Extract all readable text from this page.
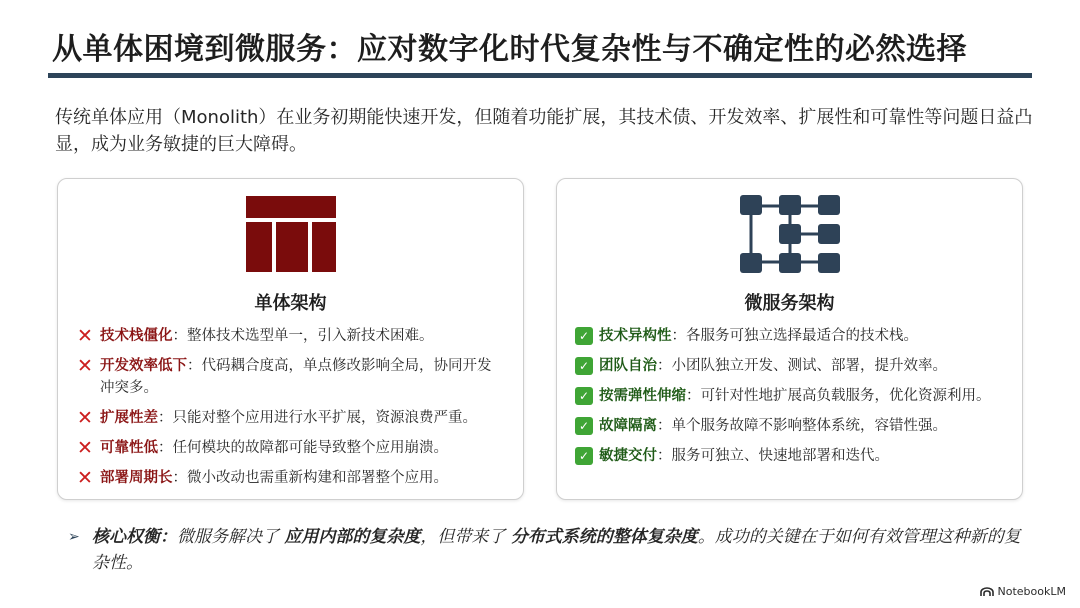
从单体困境到微服务：应对数字化时代复杂性与不确定性的必然选择

传统单体应用（Monolith）在业务初期能快速开发，但随着功能扩展，其技术债、开发效率、扩展性和可靠性等问题日益凸显，成为业务敏捷的巨大障碍。

单体架构
✕ 技术栈僵化：整体技术选型单一，引入新技术困难。
✕ 开发效率低下：代码耦合度高，单点修改影响全局，协同开发冲突多。
✕ 扩展性差：只能对整个应用进行水平扩展，资源浪费严重。
✕ 可靠性低：任何模块的故障都可能导致整个应用崩溃。
✕ 部署周期长：微小改动也需重新构建和部署整个应用。
微服务架构
✓ 技术异构性：各服务可独立选择最适合的技术栈。
✓ 团队自治：小团队独立开发、测试、部署，提升效率。
✓ 按需弹性伸缩：可针对性地扩展高负载服务，优化资源利用。
✓ 故障隔离：单个服务故障不影响整体系统，容错性强。
✓ 敏捷交付：服务可独立、快速地部署和迭代。
➢ 核心权衡：微服务解决了 应用内部的复杂度，但带来了 分布式系统的整体复杂度。成功的关键在于如何有效管理这种新的复杂性。
NotebookLM
